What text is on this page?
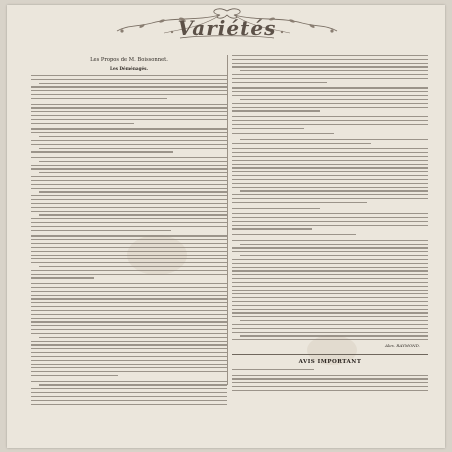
Variétés
Les Propos de M. Boissonnet.
Les Déménagés.
Alex. RAYMOND.
AVIS IMPORTANT
